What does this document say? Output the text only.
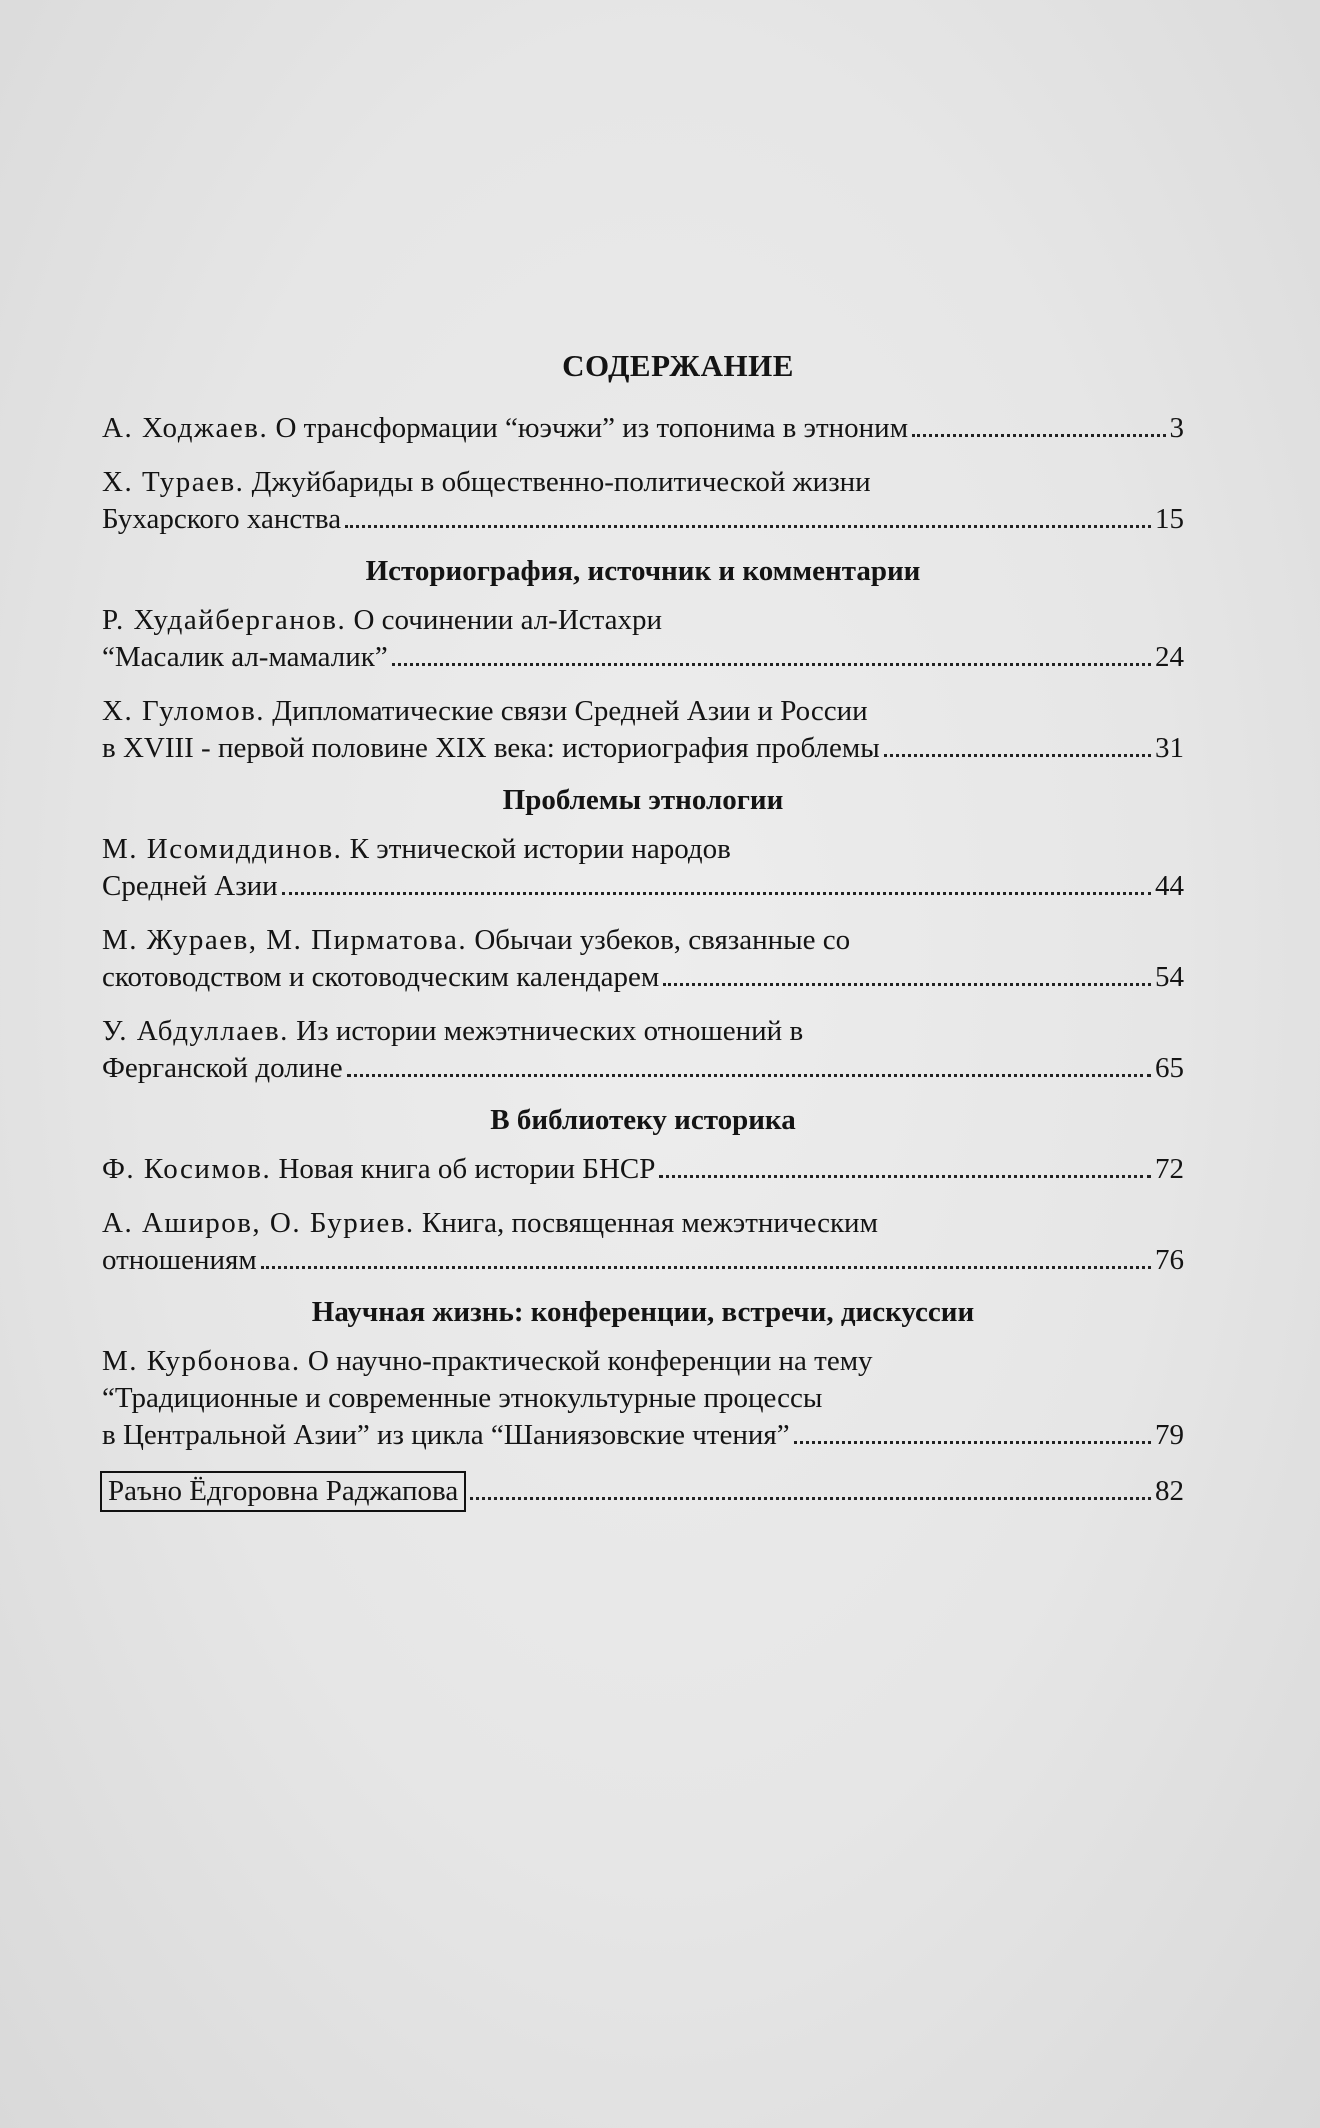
СОДЕРЖАНИЕ
А. Ходжаев. О трансформации “юэчжи” из топонима в этноним	3
Х. Тураев. Джуйбариды в общественно-политической жизни
Бухарского ханства	15
Историография, источник и комментарии
Р. Худайберганов. О сочинении ал-Истахри
“Масалик ал-мамалик”	24
Х. Гуломов. Дипломатические связи Средней Азии и России
в XVIII - первой половине XIX века: историография проблемы	31
Проблемы этнологии
М. Исомиддинов. К этнической истории народов
Средней Азии	44
М. Жураев, М. Пирматова. Обычаи узбеков, связанные со
скотоводством и скотоводческим календарем	54
У. Абдуллаев. Из истории межэтнических отношений в
Ферганской долине	65
В библиотеку историка
Ф. Косимов. Новая книга об истории БНСР	72
А. Аширов, О. Буриев. Книга, посвященная межэтническим
отношениям	76
Научная жизнь: конференции, встречи, дискуссии
М. Курбонова. О научно-практической конференции на тему
“Традиционные и современные этнокультурные процессы
в Центральной Азии” из цикла “Шаниязовские чтения”	79
Раъно Ёдгоровна Раджапова	82
